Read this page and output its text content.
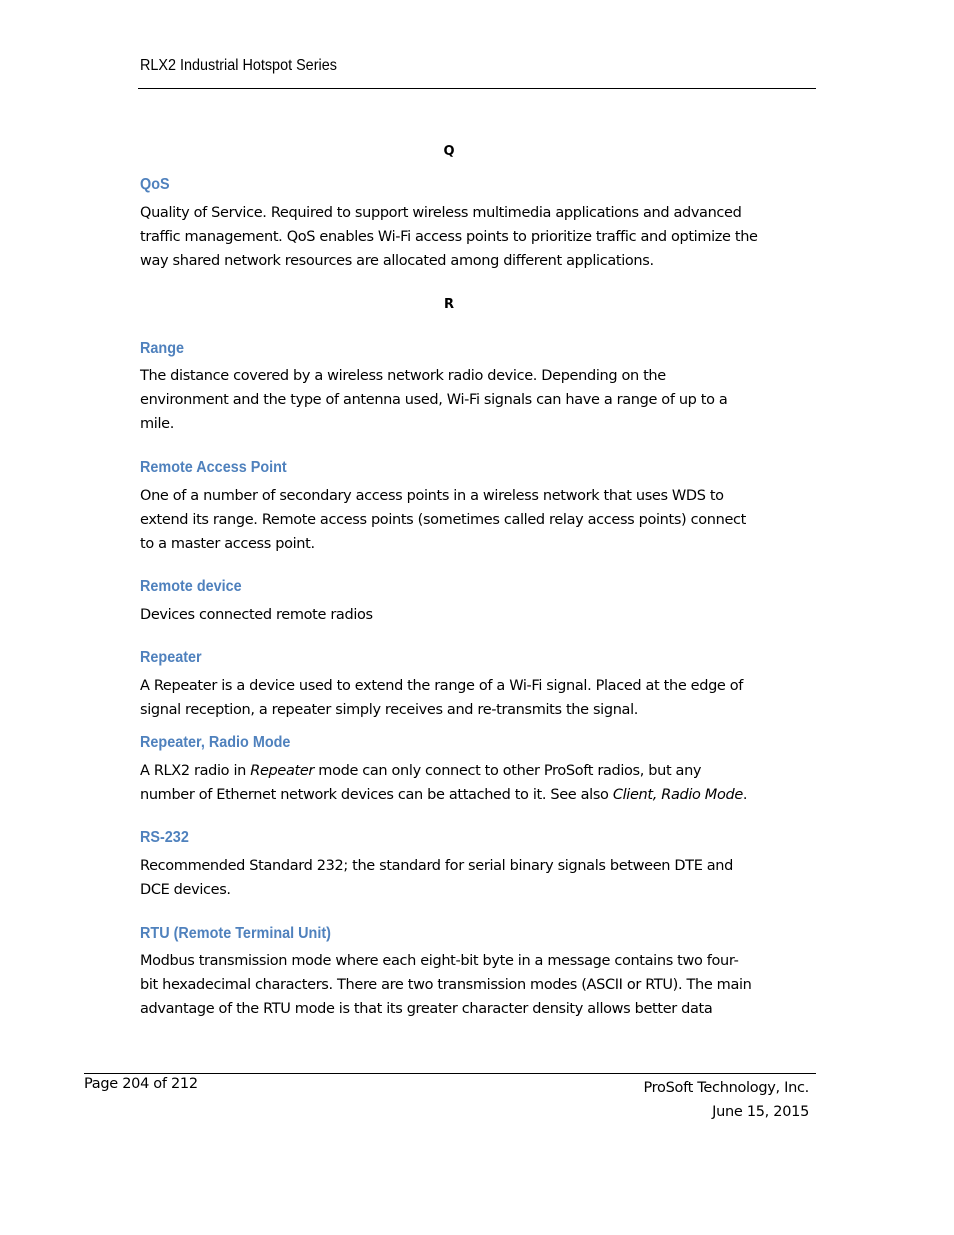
RLX2 Industrial Hotspot Series
Q
QoS
Quality of Service. Required to support wireless multimedia applications and advanced traffic management. QoS enables Wi-Fi access points to prioritize traffic and optimize the way shared network resources are allocated among different applications.
R
Range
The distance covered by a wireless network radio device. Depending on the environment and the type of antenna used, Wi-Fi signals can have a range of up to a mile.
Remote Access Point
One of a number of secondary access points in a wireless network that uses WDS to extend its range. Remote access points (sometimes called relay access points) connect to a master access point.
Remote device
Devices connected remote radios
Repeater
A Repeater is a device used to extend the range of a Wi-Fi signal. Placed at the edge of signal reception, a repeater simply receives and re-transmits the signal.
Repeater, Radio Mode
A RLX2 radio in Repeater mode can only connect to other ProSoft radios, but any number of Ethernet network devices can be attached to it. See also Client, Radio Mode.
RS-232
Recommended Standard 232; the standard for serial binary signals between DTE and DCE devices.
RTU (Remote Terminal Unit)
Modbus transmission mode where each eight-bit byte in a message contains two four-
bit hexadecimal characters. There are two transmission modes (ASCII or RTU). The main
advantage of the RTU mode is that its greater character density allows better data
Page 204 of 212	ProSoft Technology, Inc.
June 15, 2015
